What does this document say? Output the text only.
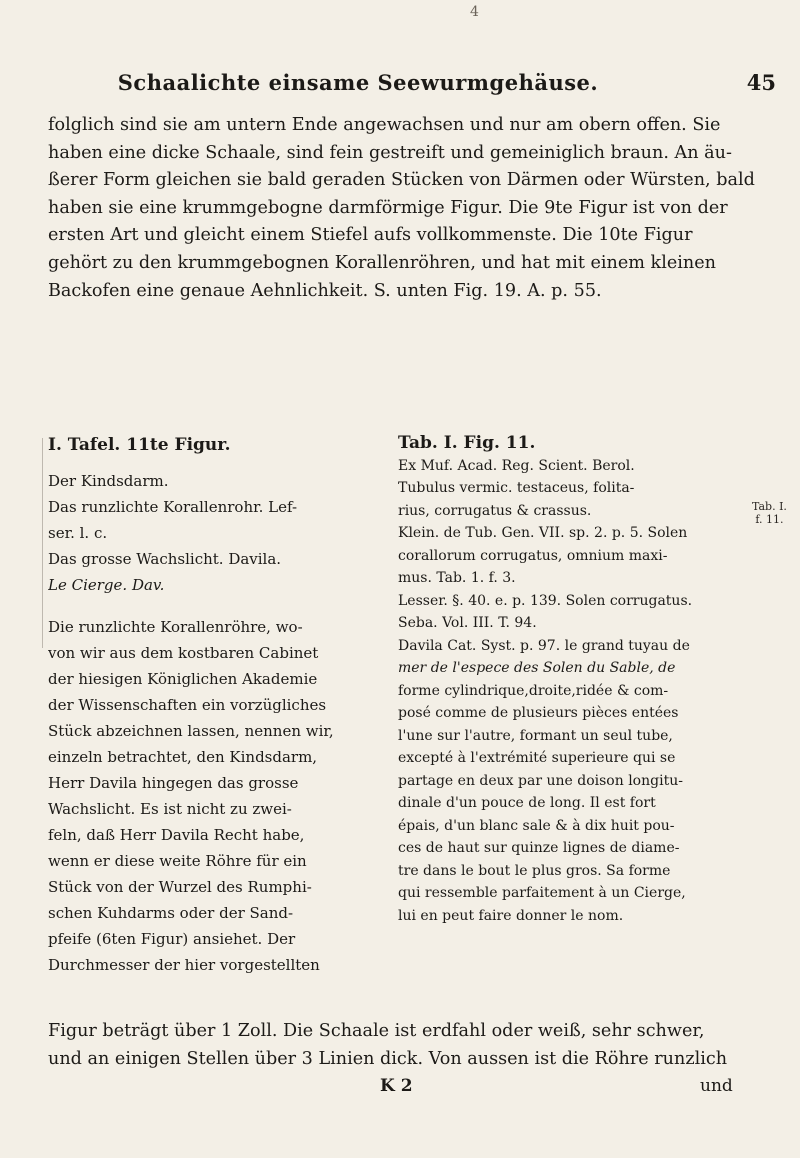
4
Schaalichte einsame Seewurmgehäuse.	45
folglich sind sie am untern Ende angewachsen und nur am obern offen. Sie
haben eine dicke Schaale, sind fein gestreift und gemeiniglich braun. An äu-
ßerer Form gleichen sie bald geraden Stücken von Därmen oder Würsten, bald
haben sie eine krummgebogne darmförmige Figur. Die 9te Figur ist von der
ersten Art und gleicht einem Stiefel aufs vollkommenste. Die 10te Figur
gehört zu den krummgebognen Korallenröhren, und hat mit einem kleinen
Backofen eine genaue Aehnlichkeit. S. unten Fig. 19. A. p. 55.
I. Tafel. 11te Figur.
Der Kindsdarm.
Das runzlichte Korallenrohr. Lef-
ser. l. c.
Das grosse Wachslicht. Davila.
Le Cierge. Dav.
Die runzlichte Korallenröhre, wo-
von wir aus dem kostbaren Cabinet
der hiesigen Königlichen Akademie
der Wissenschaften ein vorzügliches
Stück abzeichnen lassen, nennen wir,
einzeln betrachtet, den Kindsdarm,
Herr Davila hingegen das grosse
Wachslicht. Es ist nicht zu zwei-
feln, daß Herr Davila Recht habe,
wenn er diese weite Röhre für ein
Stück von der Wurzel des Rumphi-
schen Kuhdarms oder der Sand-
pfeife (6ten Figur) ansiehet. Der
Durchmesser der hier vorgestellten
Tab. I. Fig. 11.
Ex Muf. Acad. Reg. Scient. Berol.
Tubulus vermic. testaceus, folita-
rius, corrugatus & crassus.
Klein. de Tub. Gen. VII. sp. 2. p. 5. Solen
corallorum corrugatus, omnium maxi-
mus. Tab. 1. f. 3.
Lesser. §. 40. e. p. 139. Solen corrugatus.
Seba. Vol. III. T. 94.
Davila Cat. Syst. p. 97. le grand tuyau de
mer de l'espece des Solen du Sable, de
forme cylindrique,droite,ridée & com-
posé comme de plusieurs pièces entées
l'une sur l'autre, formant un seul tube,
excepté à l'extrémité superieure qui se
partage en deux par une doison longitu-
dinale d'un pouce de long. Il est fort
épais, d'un blanc sale & à dix huit pou-
ces de haut sur quinze lignes de diame-
tre dans le bout le plus gros. Sa forme
qui ressemble parfaitement à un Cierge,
lui en peut faire donner le nom.
Tab. I.
f. 11.
Figur beträgt über 1 Zoll. Die Schaale ist erdfahl oder weiß, sehr schwer,
und an einigen Stellen über 3 Linien dick. Von aussen ist die Röhre runzlich
K 2	und
